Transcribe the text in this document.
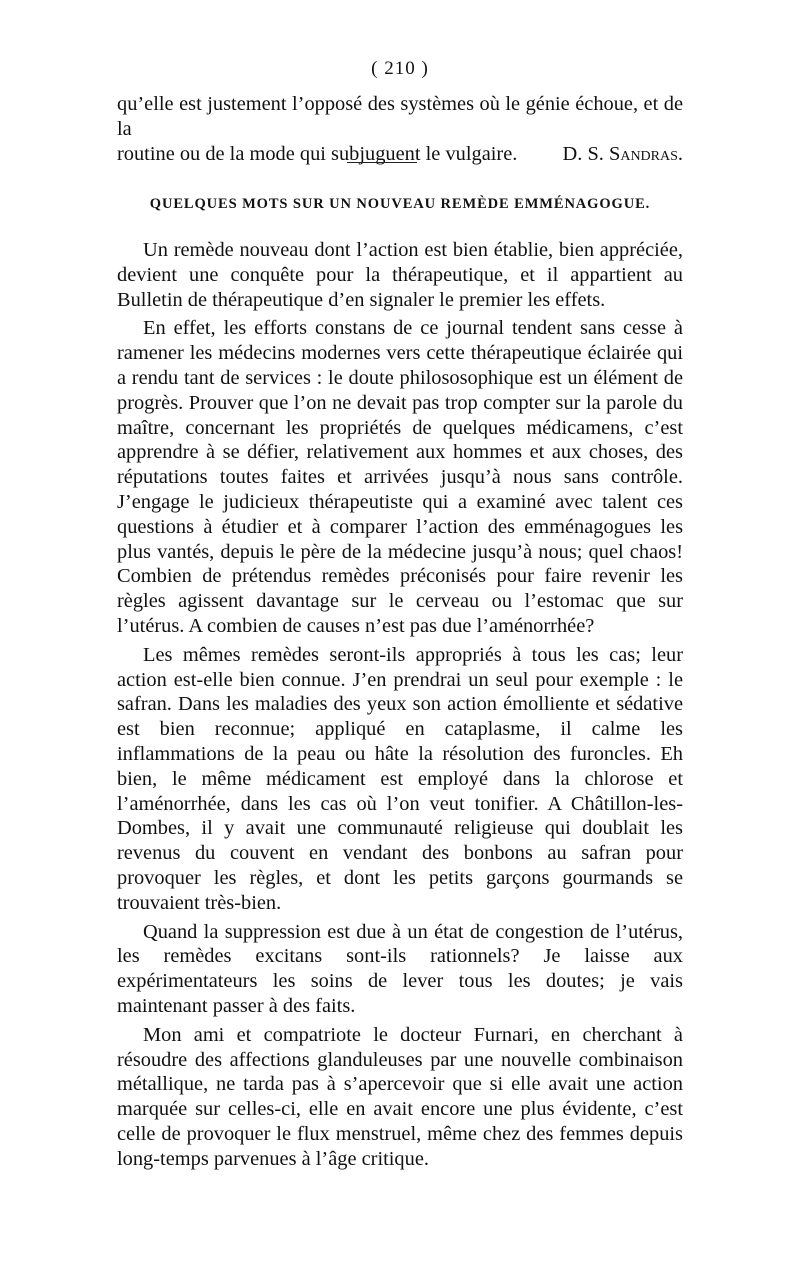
( 210 )
qu’elle est justement l’opposé des systèmes où le génie échoue, et de la
routine ou de la mode qui subjuguent le vulgaire. D. S. Sandras.
QUELQUES MOTS SUR UN NOUVEAU REMÈDE EMMÉNAGOGUE.

Un remède nouveau dont l’action est bien établie, bien appréciée, devient une conquête pour la thérapeutique, et il appartient au Bulletin de thérapeutique d’en signaler le premier les effets.

En effet, les efforts constans de ce journal tendent sans cesse à ramener les médecins modernes vers cette thérapeutique éclairée qui a rendu tant de services : le doute philososophique est un élément de progrès. Prouver que l’on ne devait pas trop compter sur la parole du maître, concernant les propriétés de quelques médicamens, c’est apprendre à se défier, relativement aux hommes et aux choses, des réputations toutes faites et arrivées jusqu’à nous sans contrôle. J’engage le judicieux thérapeutiste qui a examiné avec talent ces questions à étudier et à comparer l’action des emménagogues les plus vantés, depuis le père de la médecine jusqu’à nous; quel chaos! Combien de prétendus remèdes préconisés pour faire revenir les règles agissent davantage sur le cerveau ou l’estomac que sur l’utérus. A combien de causes n’est pas due l’aménorrhée?

Les mêmes remèdes seront-ils appropriés à tous les cas; leur action est-elle bien connue. J’en prendrai un seul pour exemple : le safran. Dans les maladies des yeux son action émolliente et sédative est bien reconnue; appliqué en cataplasme, il calme les inflammations de la peau ou hâte la résolution des furoncles. Eh bien, le même médicament est employé dans la chlorose et l’aménorrhée, dans les cas où l’on veut tonifier. A Châtillon-les-Dombes, il y avait une communauté religieuse qui doublait les revenus du couvent en vendant des bonbons au safran pour provoquer les règles, et dont les petits garçons gourmands se trouvaient très-bien.

Quand la suppression est due à un état de congestion de l’utérus, les remèdes excitans sont-ils rationnels? Je laisse aux expérimentateurs les soins de lever tous les doutes; je vais maintenant passer à des faits.

Mon ami et compatriote le docteur Furnari, en cherchant à résoudre des affections glanduleuses par une nouvelle combinaison métallique, ne tarda pas à s’apercevoir que si elle avait une action marquée sur celles-ci, elle en avait encore une plus évidente, c’est celle de provoquer le flux menstruel, même chez des femmes depuis long-temps parvenues à l’âge critique.
